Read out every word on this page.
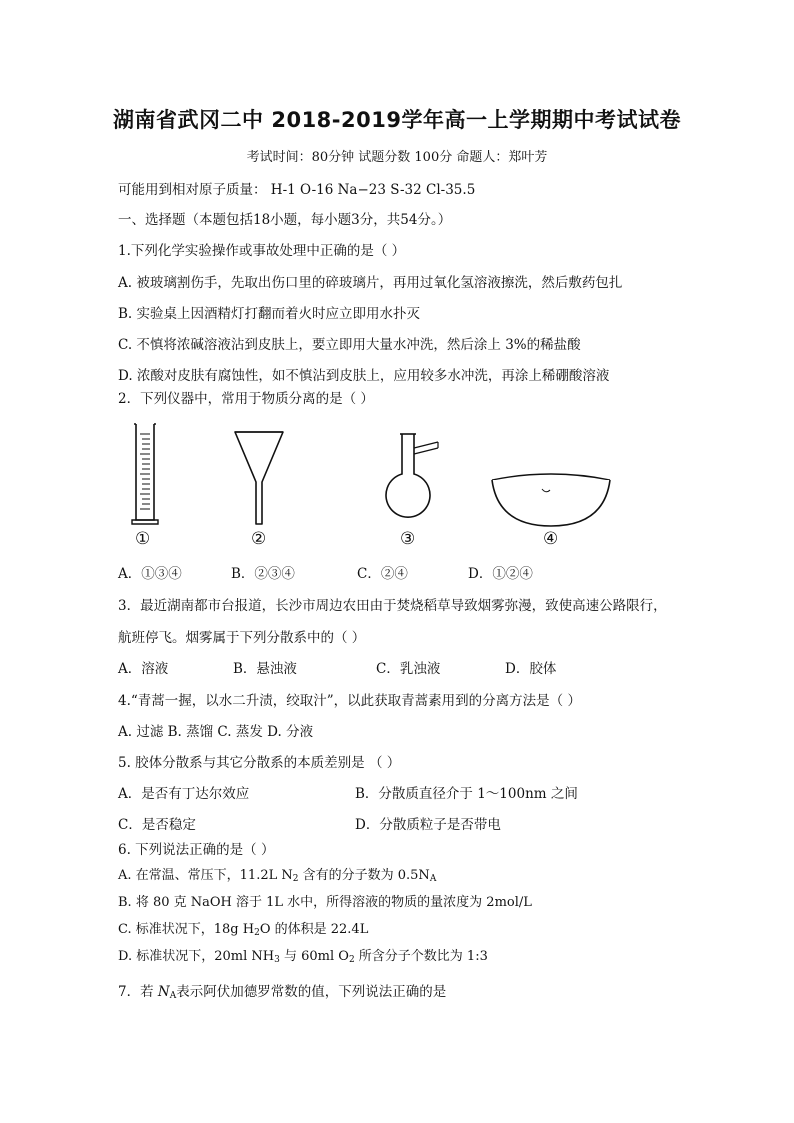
湖南省武冈二中 2018-2019学年高一上学期期中考试试卷
考试时间：80分钟 试题分数 100分 命题人：郑叶芳
可能用到相对原子质量： H-1 O-16 Na−23 S-32 Cl-35.5
一、选择题（本题包括18小题，每小题3分，共54分。）
1.下列化学实验操作或事故处理中正确的是（ ）
A. 被玻璃割伤手，先取出伤口里的碎玻璃片，再用过氧化氢溶液擦洗，然后敷药包扎
B. 实验桌上因酒精灯打翻而着火时应立即用水扑灭
C. 不慎将浓碱溶液沾到皮肤上，要立即用大量水冲洗，然后涂上 3%的稀盐酸
D. 浓酸对皮肤有腐蚀性，如不慎沾到皮肤上，应用较多水冲洗，再涂上稀硼酸溶液
2．下列仪器中，常用于物质分离的是（ ）
①	②	③	④
A．①③④	B．②③④	C．②④	D．①②④
3．最近湖南都市台报道，长沙市周边农田由于焚烧稻草导致烟雾弥漫，致使高速公路限行，
航班停飞。烟雾属于下列分散系中的（ ）
A．溶液	B．悬浊液	C．乳浊液	D．胶体
4.“青蒿一握，以水二升渍，绞取汁”，以此获取青蒿素用到的分离方法是（ ）
A. 过滤 B. 蒸馏 C. 蒸发 D. 分液
5. 胶体分散系与其它分散系的本质差别是 （ ）
A．是否有丁达尔效应	B．分散质直径介于 1～100nm 之间
C．是否稳定	D．分散质粒子是否带电
6. 下列说法正确的是（ ）
A. 在常温、常压下，11.2L $N_2$ 含有的分子数为 $0.5N_A$
B. 将 80 克 NaOH 溶于 1L 水中，所得溶液的物质的量浓度为 2mol/L
C. 标准状况下，18g $H_2O$ 的体积是 22.4L
D. 标准状况下，20ml $NH_3$ 与 60ml $O_2$ 所含分子个数比为 1:3
7．若 $N_A$表示阿伏加德罗常数的值，下列说法正确的是
